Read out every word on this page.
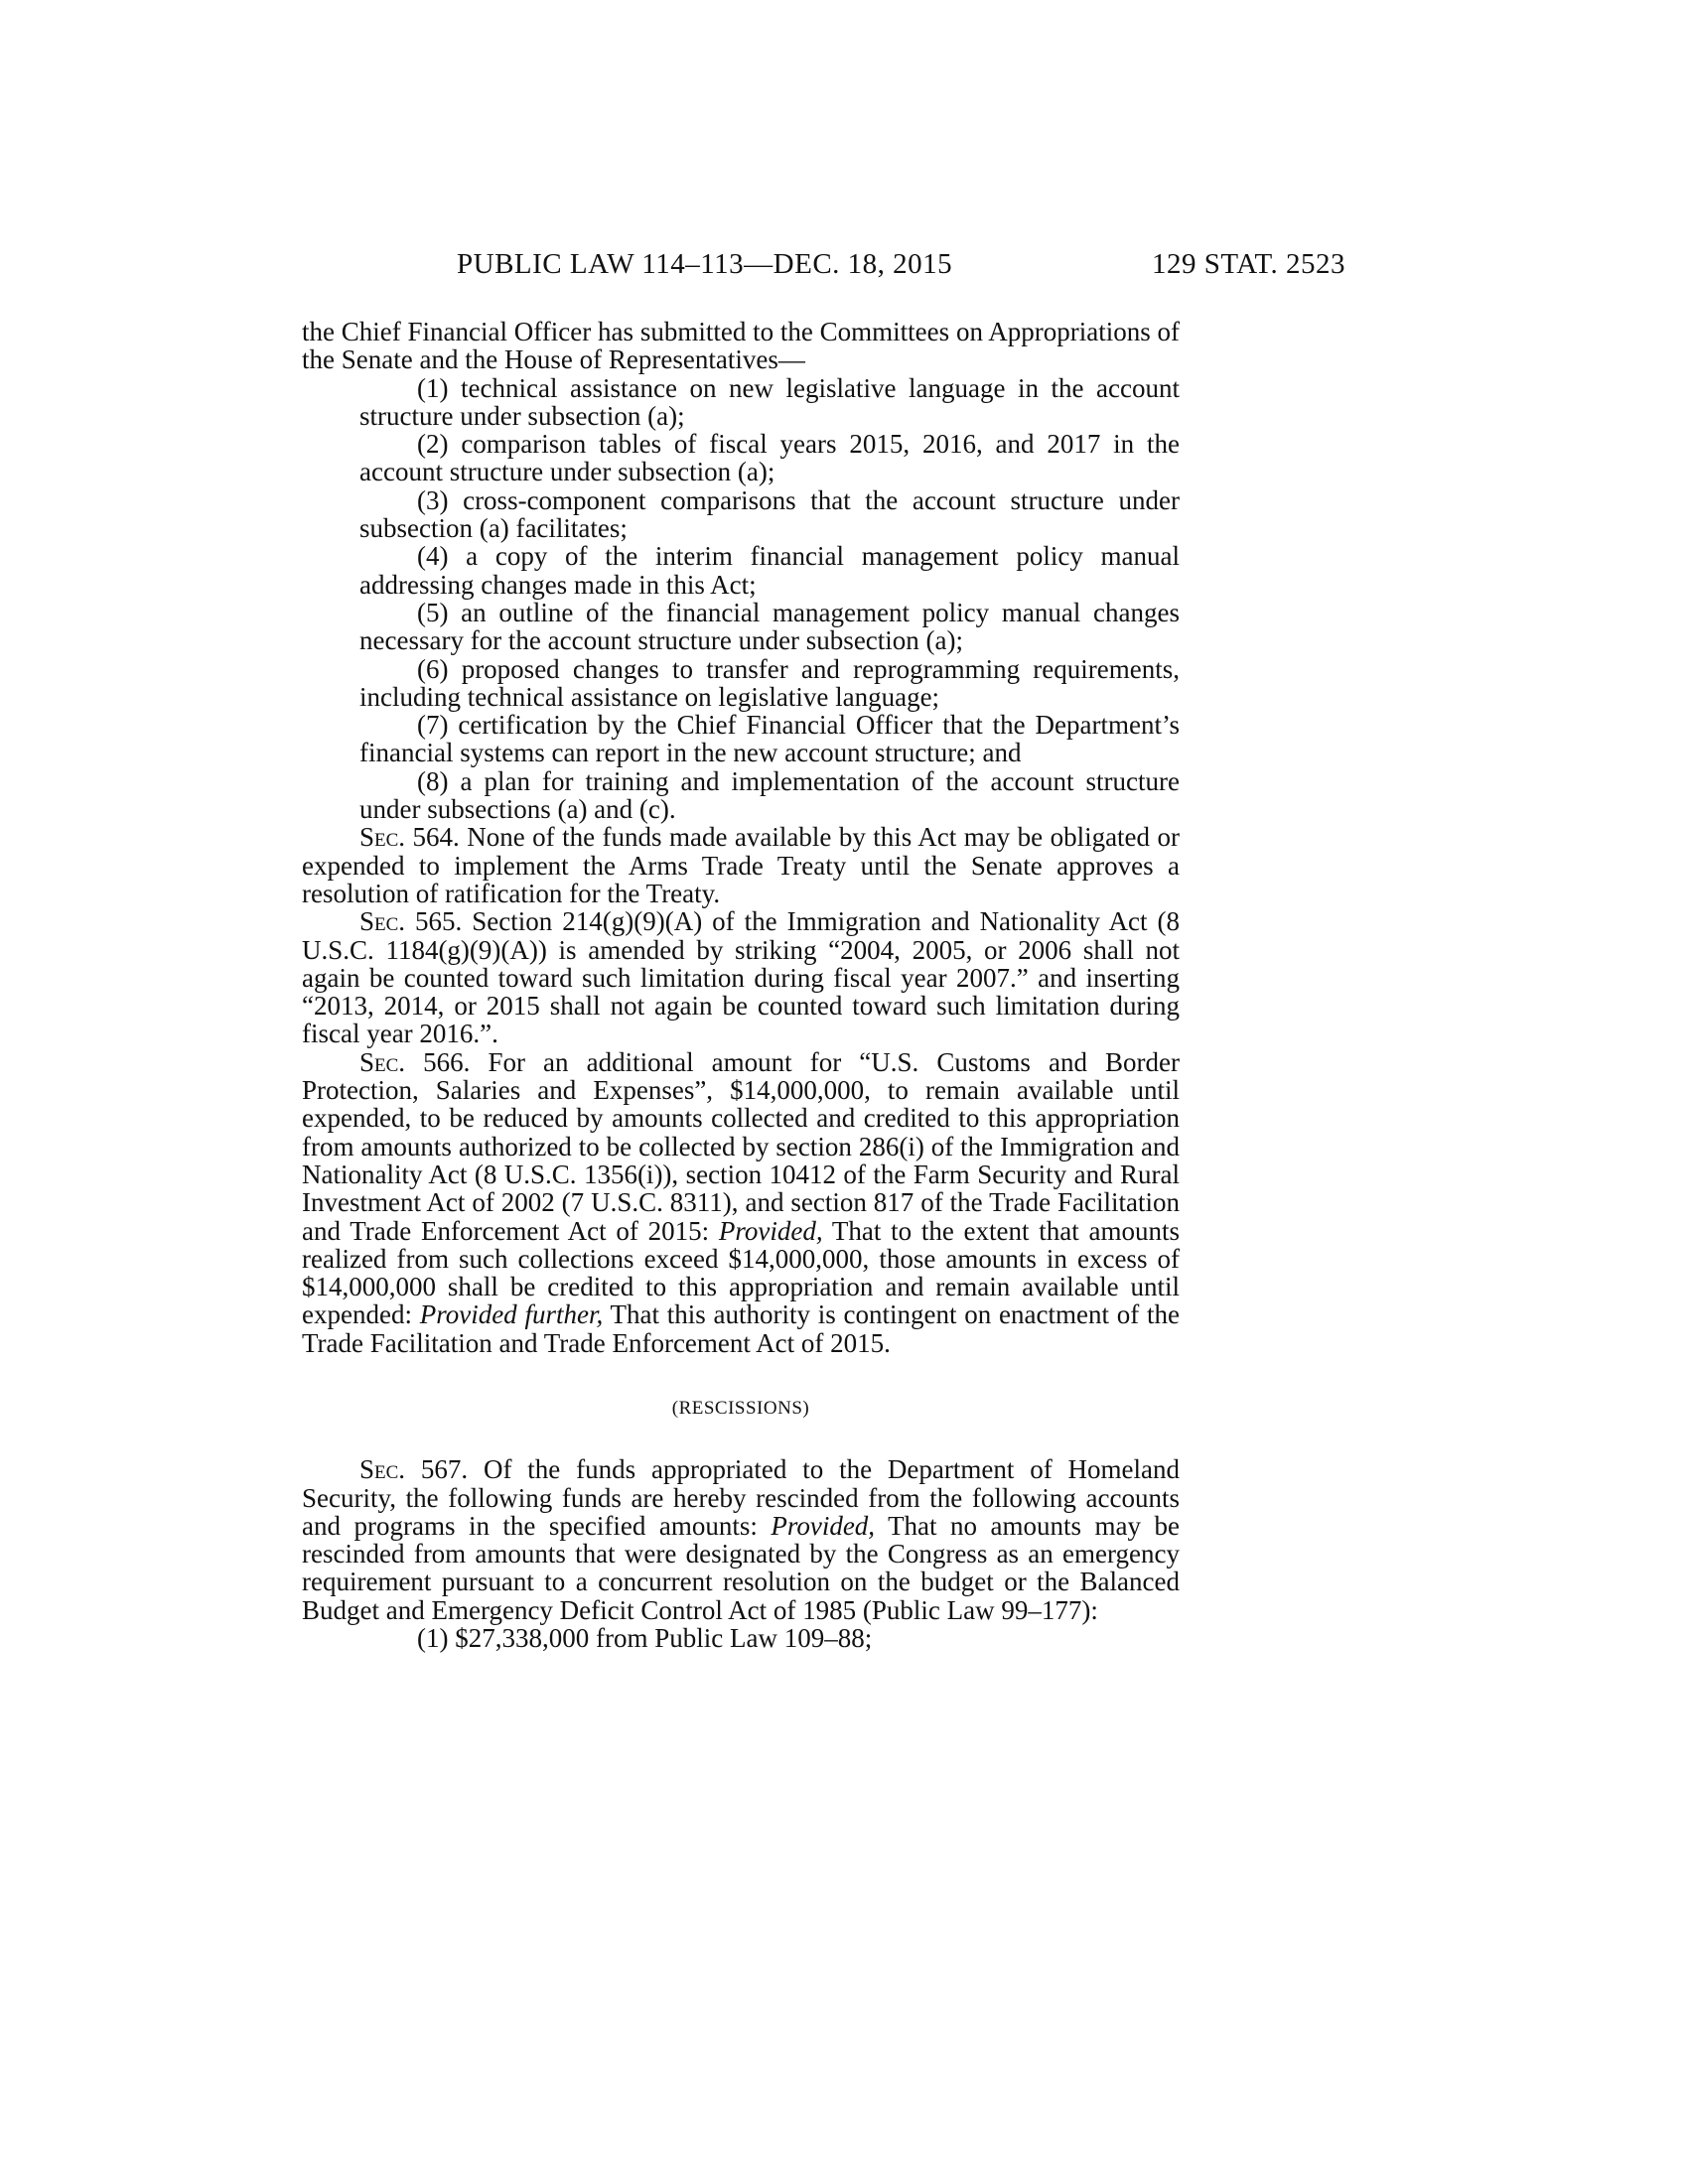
PUBLIC LAW 114–113—DEC. 18, 2015	129 STAT. 2523

the Chief Financial Officer has submitted to the Committees on Appropriations of the Senate and the House of Representatives—

(1) technical assistance on new legislative language in the account structure under subsection (a);

(2) comparison tables of fiscal years 2015, 2016, and 2017 in the account structure under subsection (a);

(3) cross-component comparisons that the account structure under subsection (a) facilitates;

(4) a copy of the interim financial management policy manual addressing changes made in this Act;

(5) an outline of the financial management policy manual changes necessary for the account structure under subsection (a);

(6) proposed changes to transfer and reprogramming requirements, including technical assistance on legislative language;

(7) certification by the Chief Financial Officer that the Department’s financial systems can report in the new account structure; and

(8) a plan for training and implementation of the account structure under subsections (a) and (c).

Sec. 564. None of the funds made available by this Act may be obligated or expended to implement the Arms Trade Treaty until the Senate approves a resolution of ratification for the Treaty.

Sec. 565. Section 214(g)(9)(A) of the Immigration and Nationality Act (8 U.S.C. 1184(g)(9)(A)) is amended by striking “2004, 2005, or 2006 shall not again be counted toward such limitation during fiscal year 2007.” and inserting “2013, 2014, or 2015 shall not again be counted toward such limitation during fiscal year 2016.”.

Sec. 566. For an additional amount for “U.S. Customs and Border Protection, Salaries and Expenses”, $14,000,000, to remain available until expended, to be reduced by amounts collected and credited to this appropriation from amounts authorized to be collected by section 286(i) of the Immigration and Nationality Act (8 U.S.C. 1356(i)), section 10412 of the Farm Security and Rural Investment Act of 2002 (7 U.S.C. 8311), and section 817 of the Trade Facilitation and Trade Enforcement Act of 2015: Provided, That to the extent that amounts realized from such collections exceed $14,000,000, those amounts in excess of $14,000,000 shall be credited to this appropriation and remain available until expended: Provided further, That this authority is contingent on enactment of the Trade Facilitation and Trade Enforcement Act of 2015.

(RESCISSIONS)

Sec. 567. Of the funds appropriated to the Department of Homeland Security, the following funds are hereby rescinded from the following accounts and programs in the specified amounts: Provided, That no amounts may be rescinded from amounts that were designated by the Congress as an emergency requirement pursuant to a concurrent resolution on the budget or the Balanced Budget and Emergency Deficit Control Act of 1985 (Public Law 99–177):

(1) $27,338,000 from Public Law 109–88;
